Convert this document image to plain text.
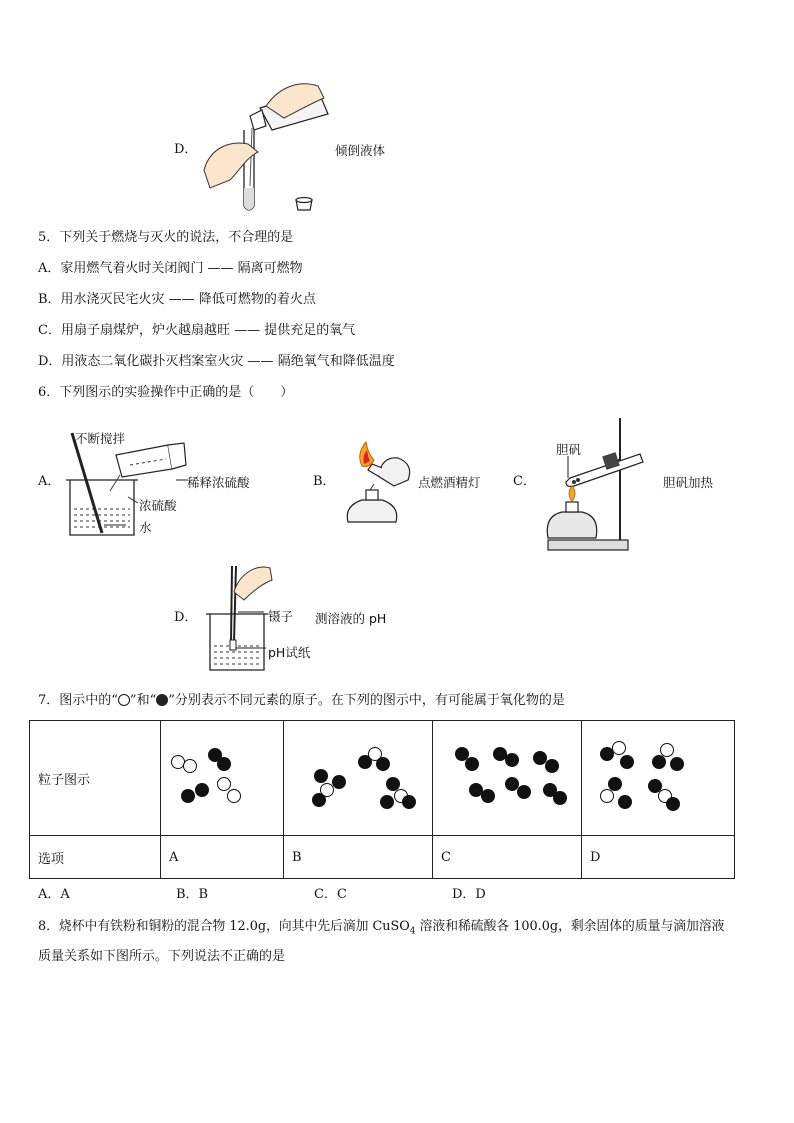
D．	倾倒液体
5．下列关于燃烧与灭火的说法，不合理的是
A．家用燃气着火时关闭阀门 —— 隔离可燃物
B．用水浇灭民宅火灾 —— 降低可燃物的着火点
C．用扇子扇煤炉，炉火越扇越旺 —— 提供充足的氧气
D．用液态二氧化碳扑灭档案室火灾 —— 隔绝氧气和降低温度
6．下列图示的实验操作中正确的是（　　）
A．
不断搅拌
稀释浓硫酸
浓硫酸
水
B．	点燃酒精灯 C．
胆矾
胆矾加热
D．	镊子 测溶液的 pH
pH试纸
7．图示中的“ ”和“ ”分别表示不同元素的原子。在下列的图示中，有可能属于氧化物的是
粒子图示	

选项	A	B	C	D
A．A	B．B	C．C	D．D
8．烧杯中有铁粉和铜粉的混合物 12.0g，向其中先后滴加 CuSO$_4$ 溶液和稀硫酸各 100.0g，剩余固体的质量与滴加溶液
质量关系如下图所示。下列说法不正确的是
